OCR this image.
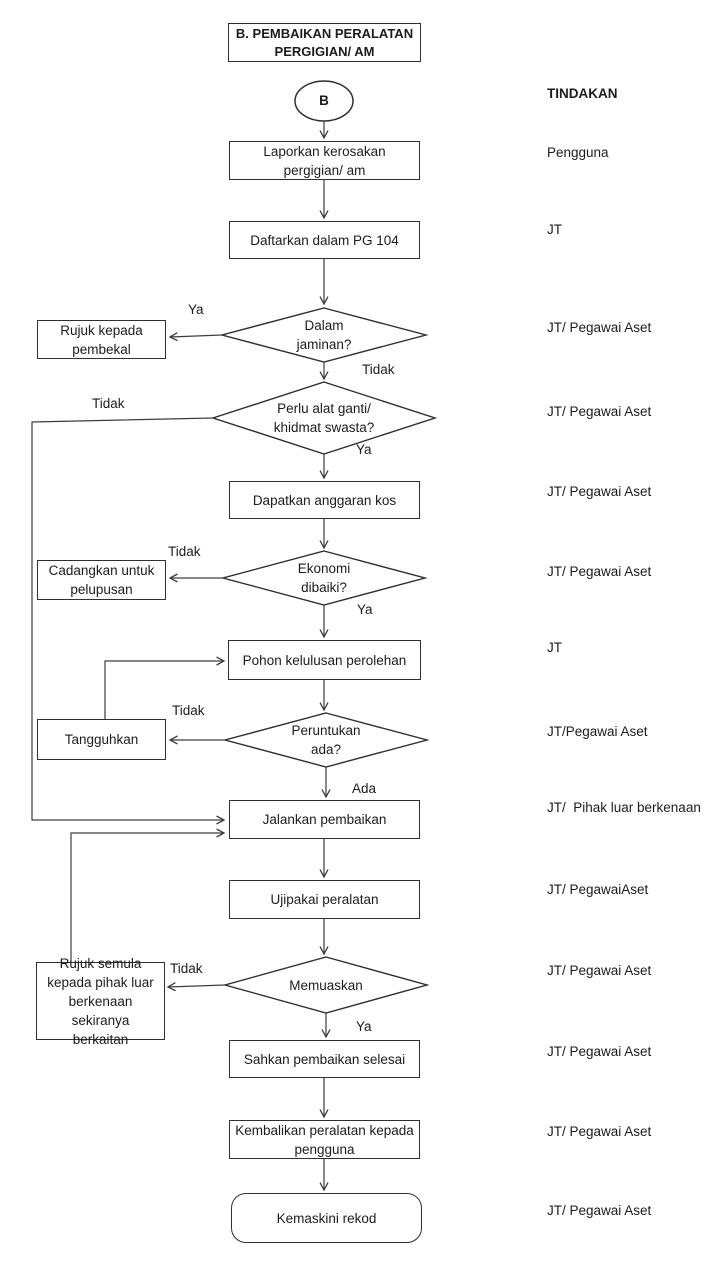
B. PEMBAIKAN PERALATAN PERGIGIAN/ AM
B
Laporkan kerosakan pergigian/ am
Daftarkan dalam PG 104
Rujuk kepada pembekal
Dapatkan anggaran kos
Cadangkan untuk pelupusan
Pohon kelulusan perolehan
Tangguhkan
Jalankan pembaikan
Ujipakai peralatan
Rujuk semula kepada pihak luar berkenaan sekiranya berkaitan
Sahkan pembaikan selesai
Kembalikan peralatan kepada pengguna
Kemaskini rekod
Dalam jaminan?
Perlu alat ganti/ khidmat swasta?
Ekonomi dibaiki?
Peruntukan ada?
Memuaskan
Ya
Tidak
Tidak
Ya
Tidak
Ya
Tidak
Ada
Tidak
Ya
TINDAKAN
Pengguna
JT
JT/ Pegawai Aset
JT/ Pegawai Aset
JT/ Pegawai Aset
JT/ Pegawai Aset
JT
JT/Pegawai Aset
JT/  Pihak luar berkenaan
JT/ PegawaiAset
JT/ Pegawai Aset
JT/ Pegawai Aset
JT/ Pegawai Aset
JT/ Pegawai Aset
